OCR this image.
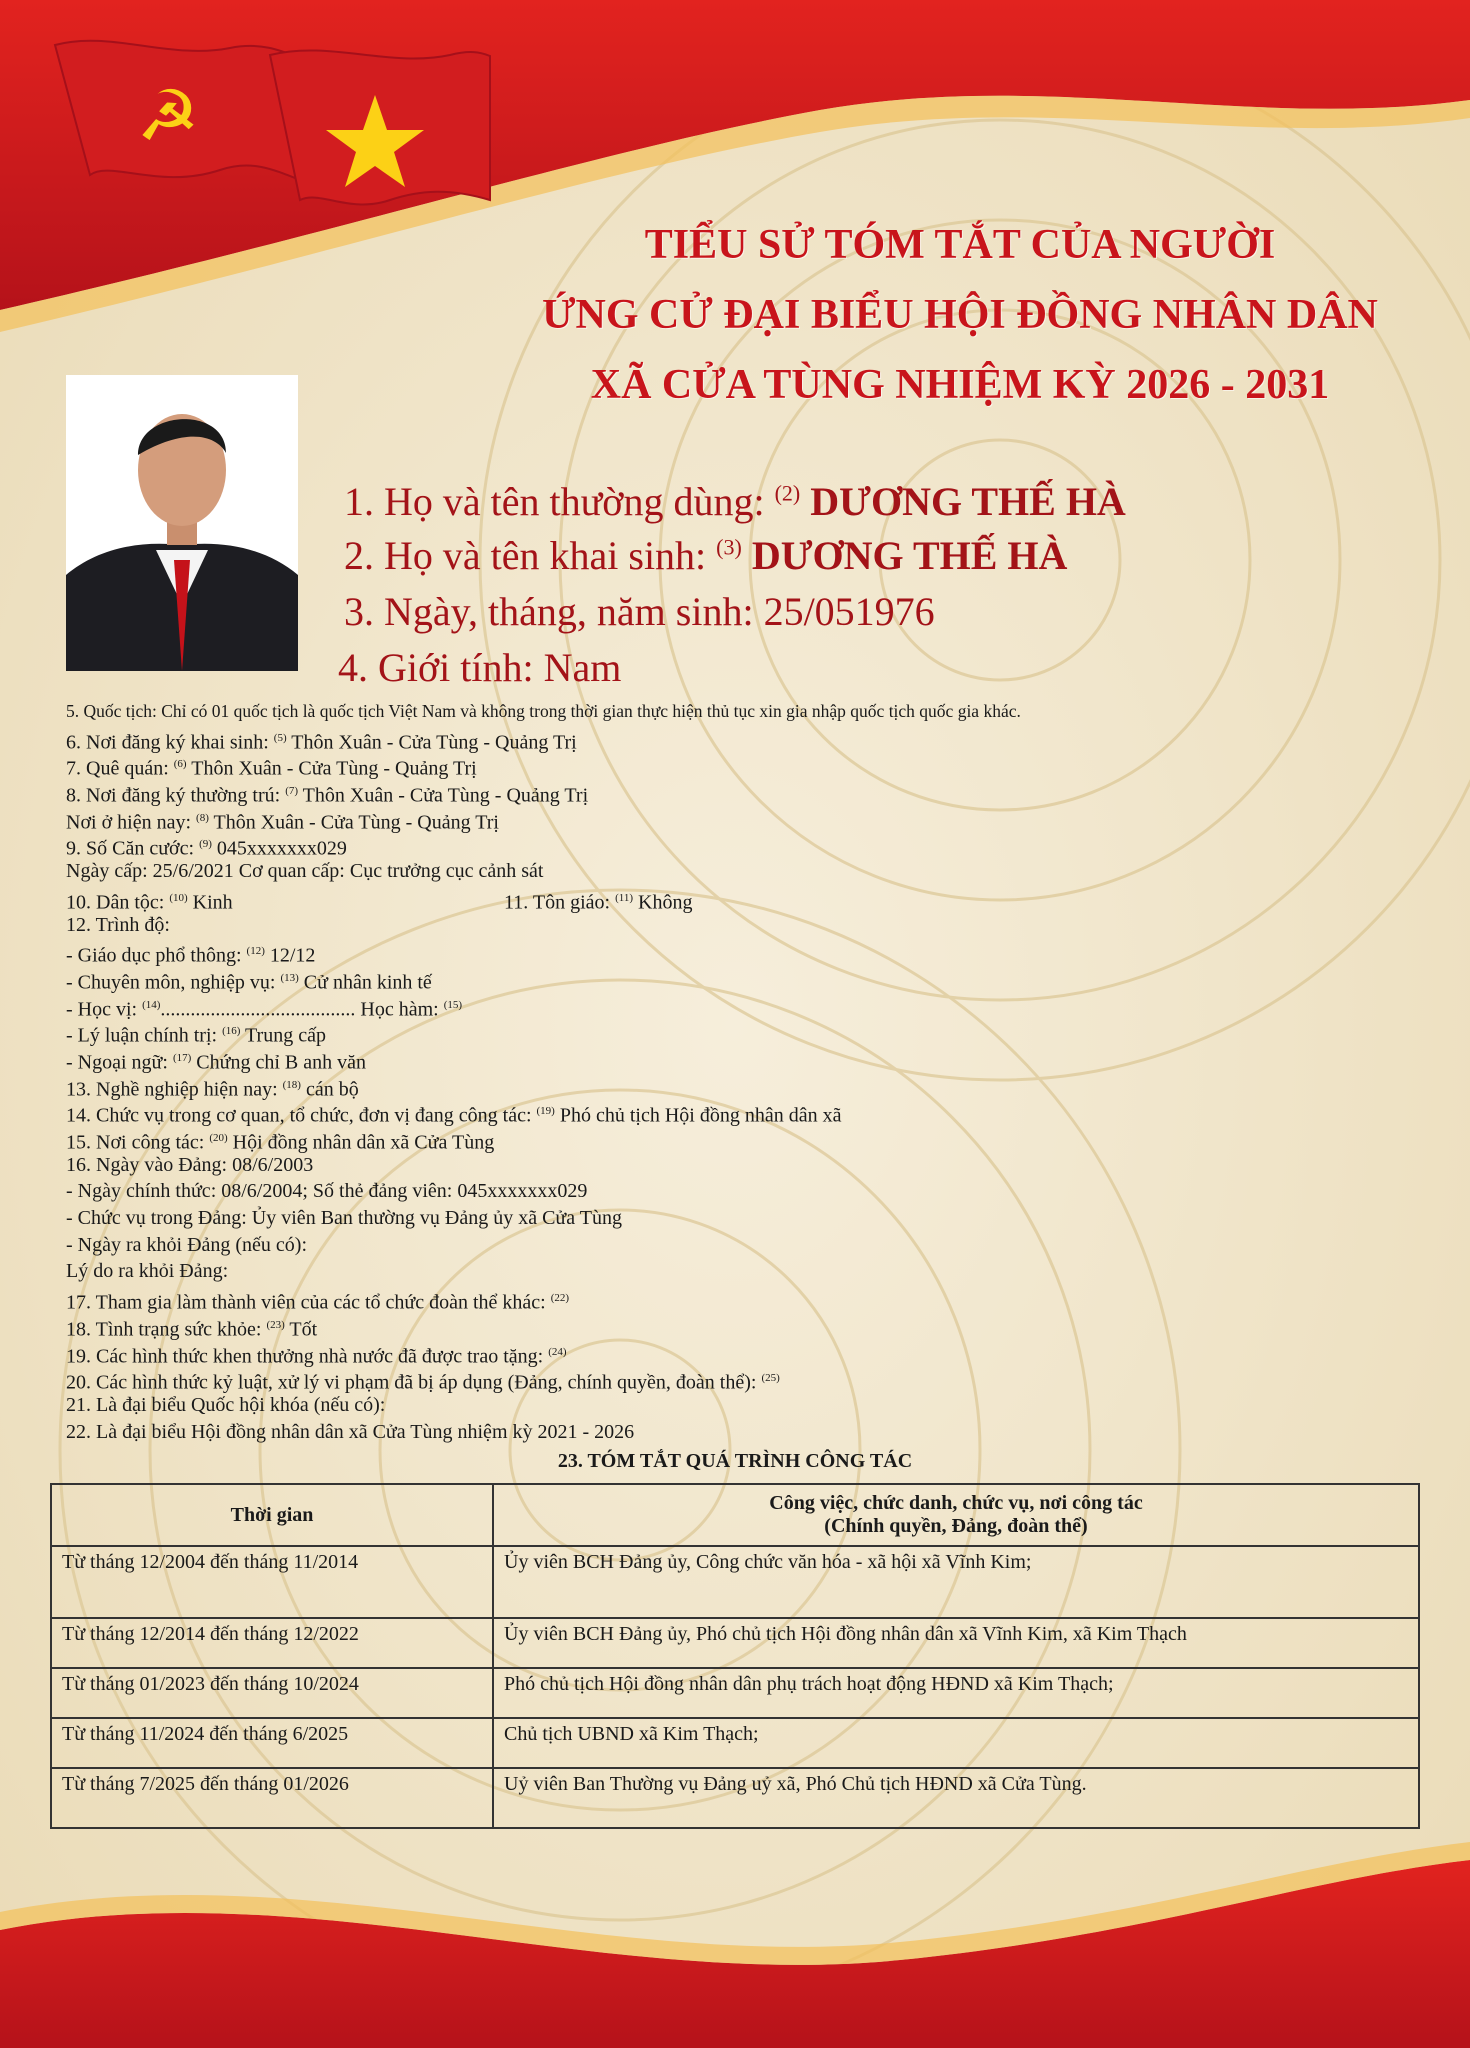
☭
TIỂU SỬ TÓM TẮT CỦA NGƯỜI
ỨNG CỬ ĐẠI BIỂU HỘI ĐỒNG NHÂN DÂN
XÃ CỬA TÙNG NHIỆM KỲ 2026 - 2031
1. Họ và tên thường dùng: $^{(2)}$ DƯƠNG THẾ HÀ
2. Họ và tên khai sinh: $^{(3)}$ DƯƠNG THẾ HÀ
3. Ngày, tháng, năm sinh: 25/051976
4. Giới tính: Nam
5. Quốc tịch: Chỉ có 01 quốc tịch là quốc tịch Việt Nam và không trong thời gian thực hiện thủ tục xin gia nhập quốc tịch quốc gia khác.
6. Nơi đăng ký khai sinh: $^{(5)}$ Thôn Xuân - Cửa Tùng - Quảng Trị
7. Quê quán: $^{(6)}$ Thôn Xuân - Cửa Tùng - Quảng Trị
8. Nơi đăng ký thường trú: $^{(7)}$ Thôn Xuân - Cửa Tùng - Quảng Trị
Nơi ở hiện nay: $^{(8)}$ Thôn Xuân - Cửa Tùng - Quảng Trị
9. Số Căn cước: $^{(9)}$ 045xxxxxxx029
Ngày cấp: 25/6/2021 Cơ quan cấp: Cục trưởng cục cảnh sát
10. Dân tộc: $^{(10)}$ Kinh	11. Tôn giáo: $^{(11)}$ Không
12. Trình độ:
- Giáo dục phổ thông: $^{(12)}$ 12/12
- Chuyên môn, nghiệp vụ: $^{(13)}$ Cử nhân kinh tế
- Học vị: $^{(14)}$....................................... Học hàm: $^{(15)}$
- Lý luận chính trị: $^{(16)}$ Trung cấp
- Ngoại ngữ: $^{(17)}$ Chứng chỉ B anh văn
13. Nghề nghiệp hiện nay: $^{(18)}$ cán bộ
14. Chức vụ trong cơ quan, tổ chức, đơn vị đang công tác: $^{(19)}$ Phó chủ tịch Hội đồng nhân dân xã
15. Nơi công tác: $^{(20)}$ Hội đồng nhân dân xã Cửa Tùng
16. Ngày vào Đảng: 08/6/2003
- Ngày chính thức: 08/6/2004; Số thẻ đảng viên: 045xxxxxxx029
- Chức vụ trong Đảng: Ủy viên Ban thường vụ Đảng ủy xã Cửa Tùng
- Ngày ra khỏi Đảng (nếu có):
Lý do ra khỏi Đảng:
17. Tham gia làm thành viên của các tổ chức đoàn thể khác: $^{(22)}$
18. Tình trạng sức khỏe: $^{(23)}$ Tốt
19. Các hình thức khen thưởng nhà nước đã được trao tặng: $^{(24)}$
20. Các hình thức kỷ luật, xử lý vi phạm đã bị áp dụng (Đảng, chính quyền, đoàn thể): $^{(25)}$
21. Là đại biểu Quốc hội khóa (nếu có):
22. Là đại biểu Hội đồng nhân dân xã Cửa Tùng nhiệm kỳ 2021 - 2026
23. TÓM TẮT QUÁ TRÌNH CÔNG TÁC
Thời gian	Công việc, chức danh, chức vụ, nơi công tác
(Chính quyền, Đảng, đoàn thể)

Từ tháng 12/2004 đến tháng 11/2014	Ủy viên BCH Đảng ủy, Công chức văn hóa - xã hội xã Vĩnh Kim;
Từ tháng 12/2014 đến tháng 12/2022	Ủy viên BCH Đảng ủy, Phó chủ tịch Hội đồng nhân dân xã Vĩnh Kim, xã Kim Thạch
Từ tháng 01/2023 đến tháng 10/2024	Phó chủ tịch Hội đồng nhân dân phụ trách hoạt động HĐND xã Kim Thạch;
Từ tháng 11/2024 đến tháng 6/2025	Chủ tịch UBND xã Kim Thạch;
Từ tháng 7/2025 đến tháng 01/2026	Uỷ viên Ban Thường vụ Đảng uỷ xã, Phó Chủ tịch HĐND xã Cửa Tùng.
